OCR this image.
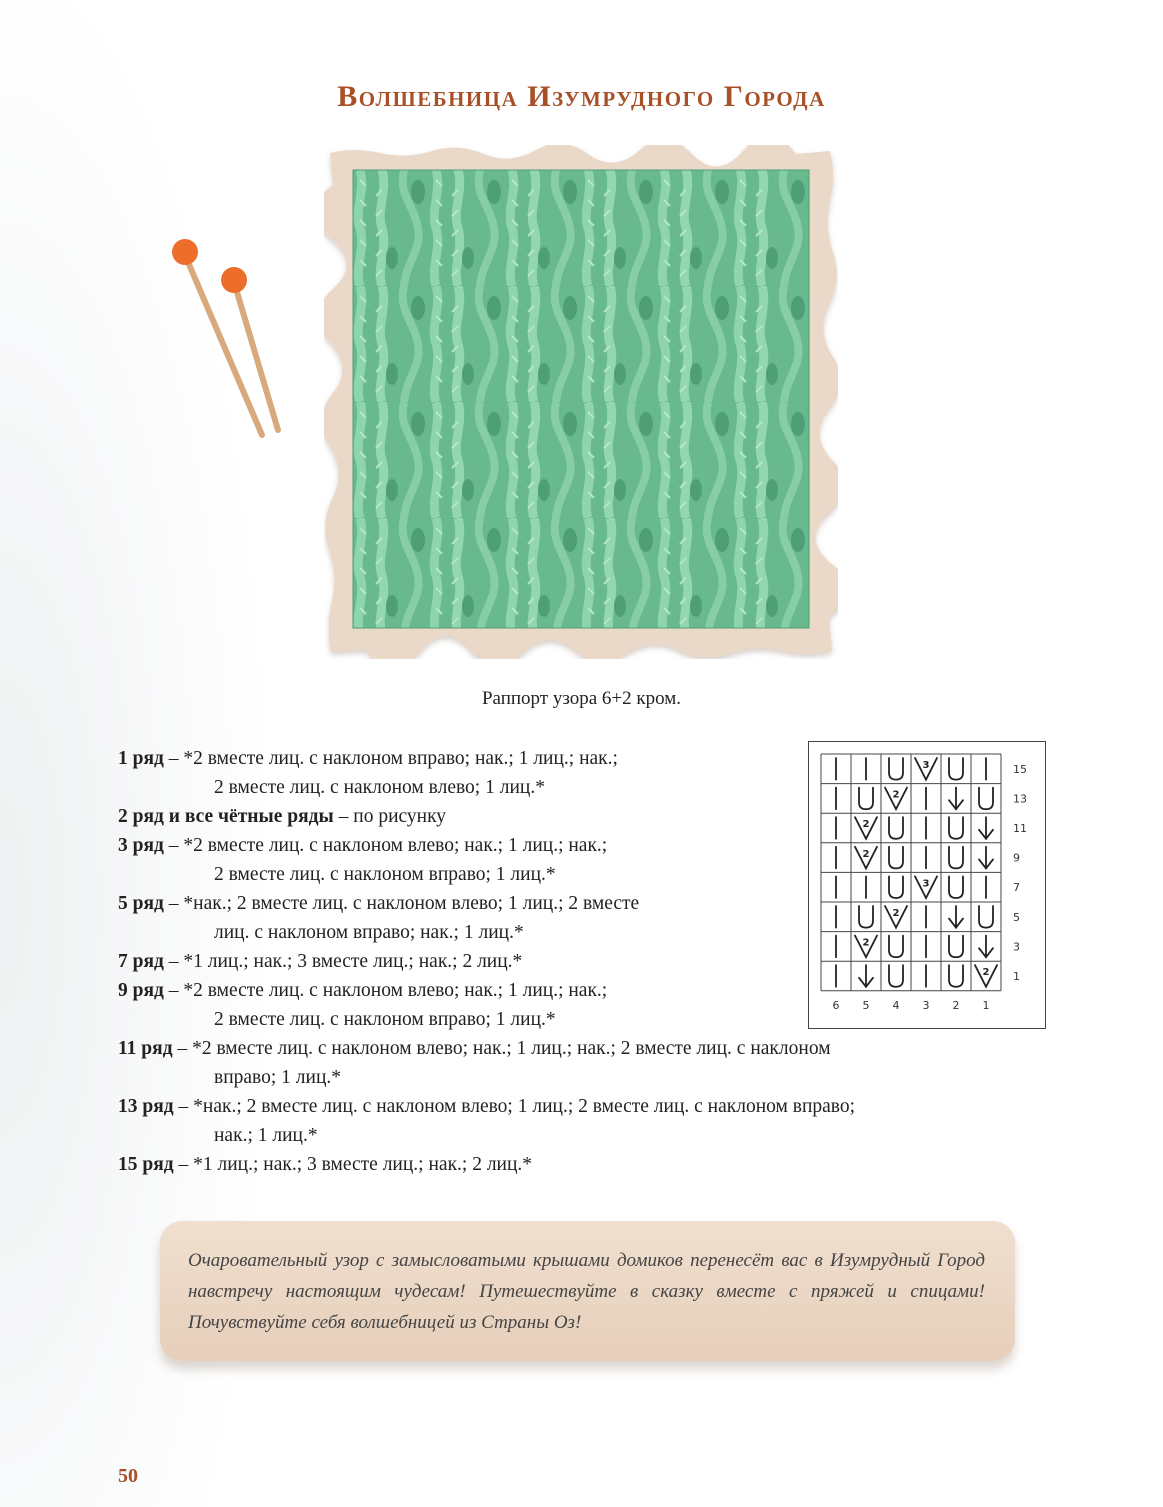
Волшебница Изумрудного Города
Раппорт узора 6+2 кром.
1 ряд – *2 вместе лиц. с наклоном вправо; нак.; 1 лиц.; нак.;
2 вместе лиц. с наклоном влево; 1 лиц.*
2 ряд и все чётные ряды – по рисунку
3 ряд – *2 вместе лиц. с наклоном влево; нак.; 1 лиц.; нак.;
2 вместе лиц. с наклоном вправо; 1 лиц.*
5 ряд – *нак.; 2 вместе лиц. с наклоном влево; 1 лиц.; 2 вместе
лиц. с наклоном вправо; нак.; 1 лиц.*
7 ряд – *1 лиц.; нак.; 3 вместе лиц.; нак.; 2 лиц.*
9 ряд – *2 вместе лиц. с наклоном влево; нак.; 1 лиц.; нак.;
2 вместе лиц. с наклоном вправо; 1 лиц.*
11 ряд – *2 вместе лиц. с наклоном влево; нак.; 1 лиц.; нак.; 2 вместе лиц. с наклоном
вправо; 1 лиц.*
13 ряд – *нак.; 2 вместе лиц. с наклоном влево; 1 лиц.; 2 вместе лиц. с наклоном вправо;
нак.; 1 лиц.*
15 ряд – *1 лиц.; нак.; 3 вместе лиц.; нак.; 2 лиц.*
15
13
11
9
7
5
3
1
6 5 4 3 2 1
3
2
2
2
3
2
2
2

Очаровательный узор с замысловатыми крышами домиков перенесёт вас в Изумрудный Город навстречу настоящим чудесам! Путешествуйте в сказку вместе с пряжей и спицами! Почувствуйте себя волшебницей из Страны Оз!

50
